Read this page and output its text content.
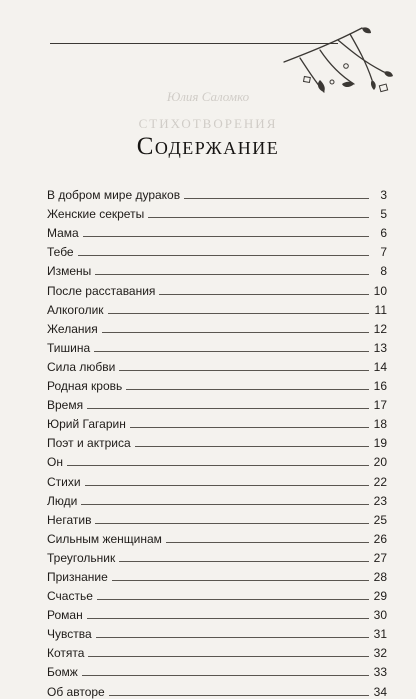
Юлия Саломко
СТИХОТВОРЕНИЯ
Содержание
В добром мире дураков	3
Женские секреты	5
Мама	6
Тебе	7
Измены	8
После расставания	10
Алкоголик	11
Желания	12
Тишина	13
Сила любви	14
Родная кровь	16
Время	17
Юрий Гагарин	18
Поэт и актриса	19
Он	20
Стихи	22
Люди	23
Негатив	25
Сильным женщинам	26
Треугольник	27
Признание	28
Счастье	29
Роман	30
Чувства	31
Котята	32
Бомж	33
Об авторе	34
